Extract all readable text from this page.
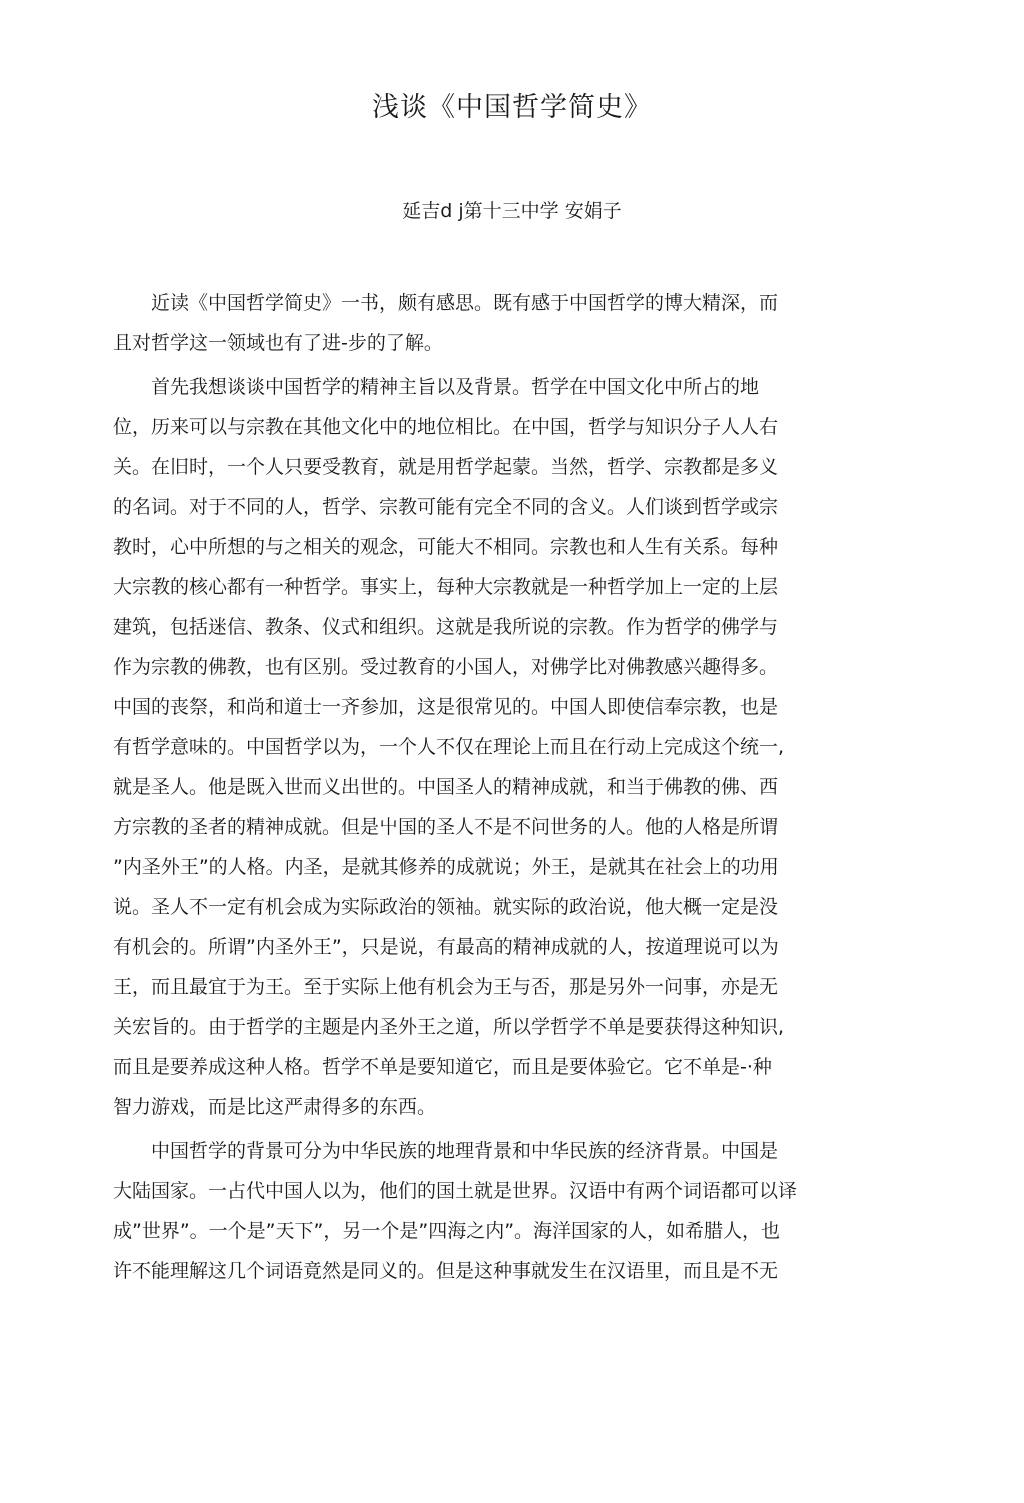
浅谈《中国哲学简史》

延吉d j第十三中学 安娟子

　　近读《中国哲学简史》一书，颇有感思。既有感于中国哲学的博大精深，而

且对哲学这一领域也有了进-步的了解。

　　首先我想谈谈中国哲学的精神主旨以及背景。哲学在中国文化中所占的地

位，历来可以与宗教在其他文化中的地位相比。在中国，哲学与知识分子人人右

关。在旧时，一个人只要受教育，就是用哲学起蒙。当然，哲学、宗教都是多义

的名词。对于不同的人，哲学、宗教可能有完全不同的含义。人们谈到哲学或宗

教时，心中所想的与之相关的观念，可能大不相同。宗教也和人生有关系。每种

大宗教的核心都有一种哲学。事实上，每种大宗教就是一种哲学加上一定的上层

建筑，包括迷信、教条、仪式和组织。这就是我所说的宗教。作为哲学的佛学与

作为宗教的佛教，也有区别。受过教育的小国人，对佛学比对佛教感兴趣得多。

中国的丧祭，和尚和道士一齐参加，这是很常见的。中国人即使信奉宗教，也是

有哲学意味的。中国哲学以为，一个人不仅在理论上而且在行动上完成这个统一,

就是圣人。他是既入世而义出世的。中国圣人的精神成就，和当于佛教的佛、西

方宗教的圣者的精神成就。但是屮国的圣人不是不问世务的人。他的人格是所谓

”内圣外王”的人格。内圣，是就其修养的成就说；外王，是就其在社会上的功用

说。圣人不一定有机会成为实际政治的领袖。就实际的政治说，他大概一定是没

有机会的。所谓”内圣外王”，只是说，有最高的精神成就的人，按道理说可以为

王，而且最宜于为王。至于实际上他有机会为王与否，那是另外一问事，亦是无

关宏旨的。由于哲学的主题是内圣外王之道，所以学哲学不单是要获得这种知识,

而且是要养成这种人格。哲学不单是要知道它，而且是要体验它。它不单是-·种

智力游戏，而是比这严肃得多的东西。

　　中国哲学的背景可分为中华民族的地理背景和中华民族的经济背景。中国是

大陆国家。一占代中国人以为，他们的国土就是世界。汉语中有两个词语都可以译

成”世界”。一个是”天下”，另一个是”四海之内”。海洋国家的人，如希腊人，也

许不能理解这几个词语竟然是同义的。但是这种事就发生在汉语里，而且是不无
